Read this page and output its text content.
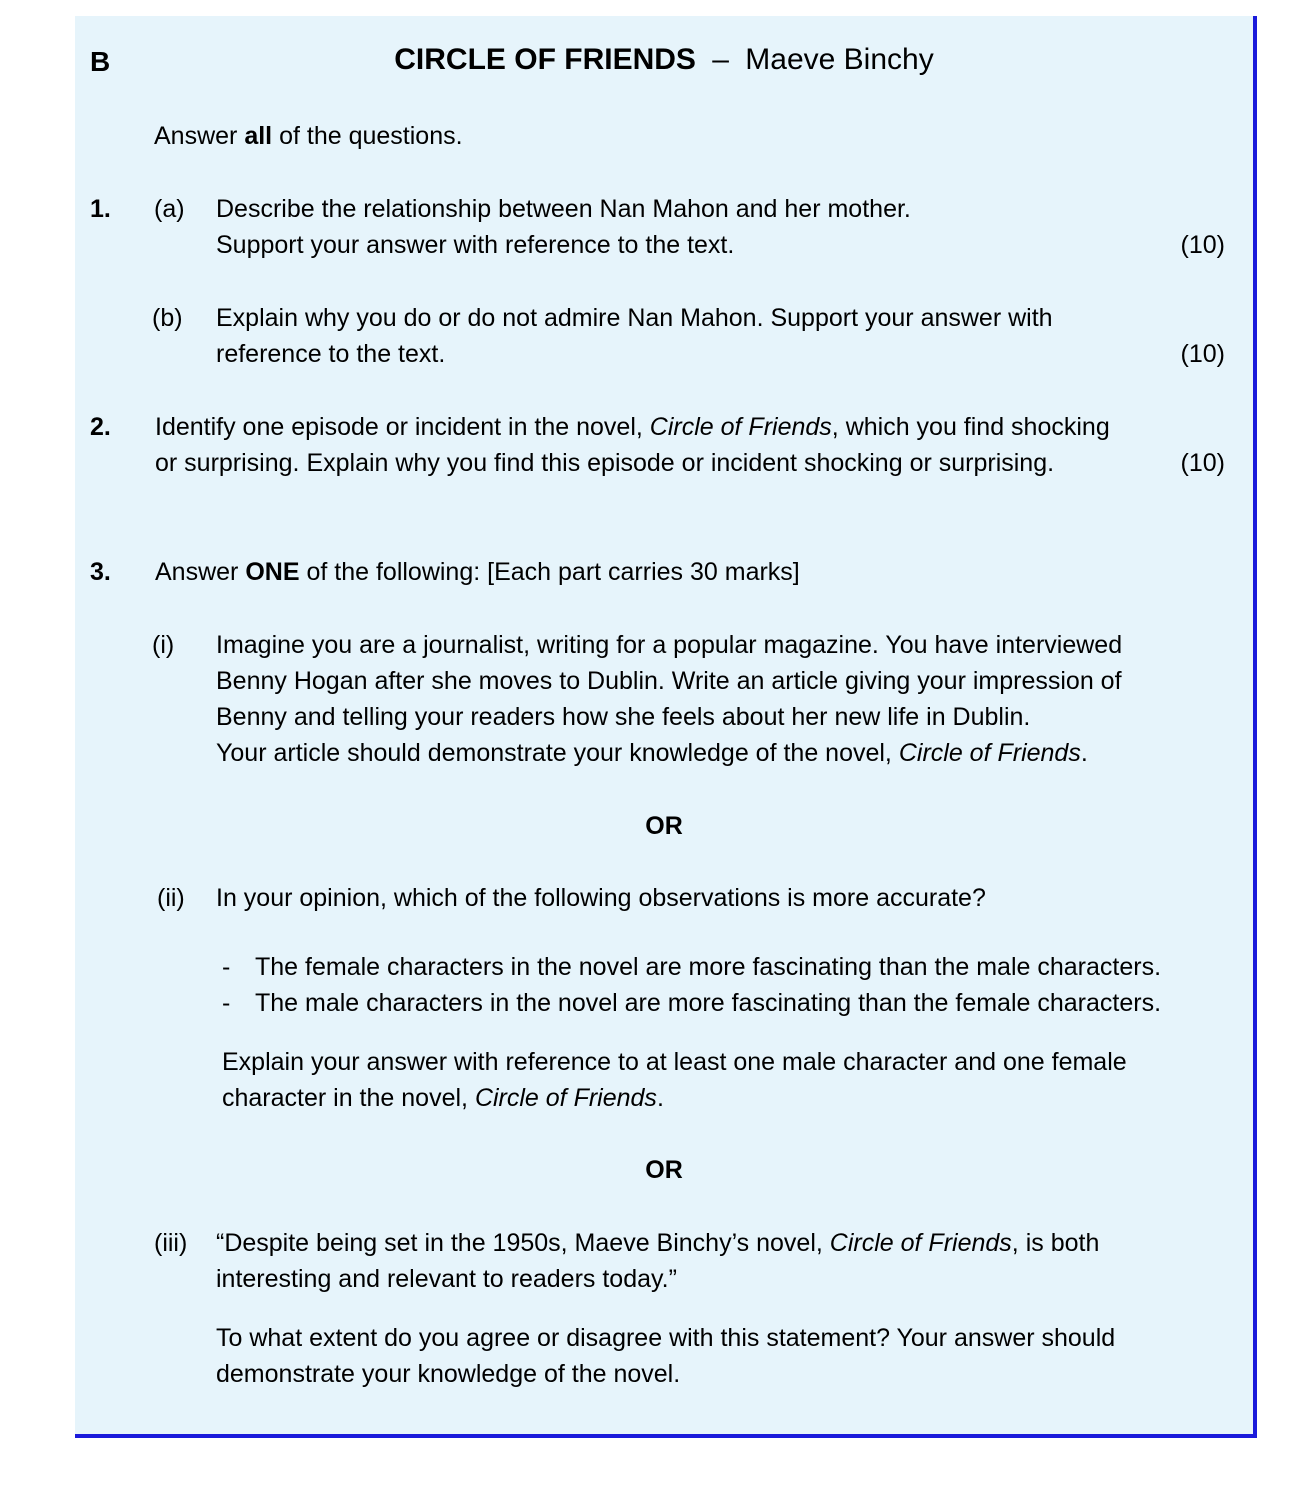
B	CIRCLE OF FRIENDS – Maeve Binchy
Answer all of the questions.
1. (a) Describe the relationship between Nan Mahon and her mother.
Support your answer with reference to the text.	(10)
(b) Explain why you do or do not admire Nan Mahon. Support your answer with
reference to the text.	(10)
2. Identify one episode or incident in the novel, Circle of Friends, which you find shocking
or surprising. Explain why you find this episode or incident shocking or surprising.	(10)
3. Answer ONE of the following: [Each part carries 30 marks]
(i) Imagine you are a journalist, writing for a popular magazine. You have interviewed
Benny Hogan after she moves to Dublin. Write an article giving your impression of
Benny and telling your readers how she feels about her new life in Dublin.
Your article should demonstrate your knowledge of the novel, Circle of Friends.
OR
(ii) In your opinion, which of the following observations is more accurate?
- The female characters in the novel are more fascinating than the male characters.
- The male characters in the novel are more fascinating than the female characters.
Explain your answer with reference to at least one male character and one female
character in the novel, Circle of Friends.
OR
(iii) “Despite being set in the 1950s, Maeve Binchy’s novel, Circle of Friends, is both
interesting and relevant to readers today.”
To what extent do you agree or disagree with this statement? Your answer should
demonstrate your knowledge of the novel.
